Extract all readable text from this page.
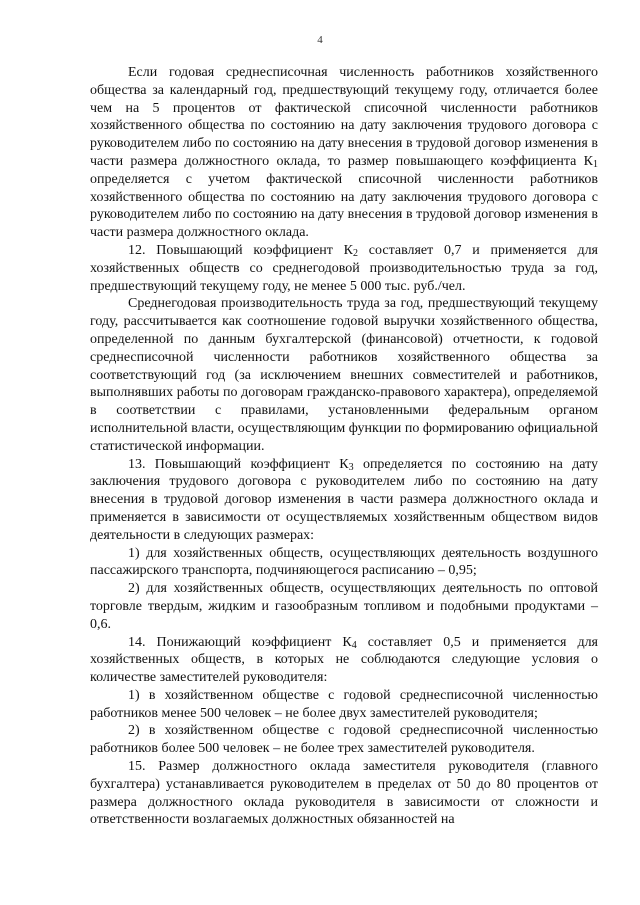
4

Если годовая среднесписочная численность работников хозяйственного общества за календарный год, предшествующий текущему году, отличается более чем на 5 процентов от фактической списочной численности работников хозяйственного общества по состоянию на дату заключения трудового договора с руководителем либо по состоянию на дату внесения в трудовой договор изменения в части размера должностного оклада, то размер повышающего коэффициента $К_1$ определяется с учетом фактической списочной численности работников хозяйственного общества по состоянию на дату заключения трудового договора с руководителем либо по состоянию на дату внесения в трудовой договор изменения в части размера должностного оклада.

12. Повышающий коэффициент $К_2$ составляет 0,7 и применяется для хозяйственных обществ со среднегодовой производительностью труда за год, предшествующий текущему году, не менее 5 000 тыс. руб./чел.

Среднегодовая производительность труда за год, предшествующий текущему году, рассчитывается как соотношение годовой выручки хозяйственного общества, определенной по данным бухгалтерской (финансовой) отчетности, к годовой среднесписочной численности работников хозяйственного общества за соответствующий год (за исключением внешних совместителей и работников, выполнявших работы по договорам гражданско-правового характера), определяемой в соответствии с правилами, установленными федеральным органом исполнительной власти, осуществляющим функции по формированию официальной статистической информации.

13. Повышающий коэффициент $К_3$ определяется по состоянию на дату заключения трудового договора с руководителем либо по состоянию на дату внесения в трудовой договор изменения в части размера должностного оклада и применяется в зависимости от осуществляемых хозяйственным обществом видов деятельности в следующих размерах:

1) для хозяйственных обществ, осуществляющих деятельность воздушного пассажирского транспорта, подчиняющегося расписанию – 0,95;

2) для хозяйственных обществ, осуществляющих деятельность по оптовой торговле твердым, жидким и газообразным топливом и подобными продуктами – 0,6.

14. Понижающий коэффициент $К_4$ составляет 0,5 и применяется для хозяйственных обществ, в которых не соблюдаются следующие условия о количестве заместителей руководителя:

1) в хозяйственном обществе с годовой среднесписочной численностью работников менее 500 человек – не более двух заместителей руководителя;

2) в хозяйственном обществе с годовой среднесписочной численностью работников более 500 человек – не более трех заместителей руководителя.

15. Размер должностного оклада заместителя руководителя (главного бухгалтера) устанавливается руководителем в пределах от 50 до 80 процентов от размера должностного оклада руководителя в зависимости от сложности и ответственности возлагаемых должностных обязанностей на
